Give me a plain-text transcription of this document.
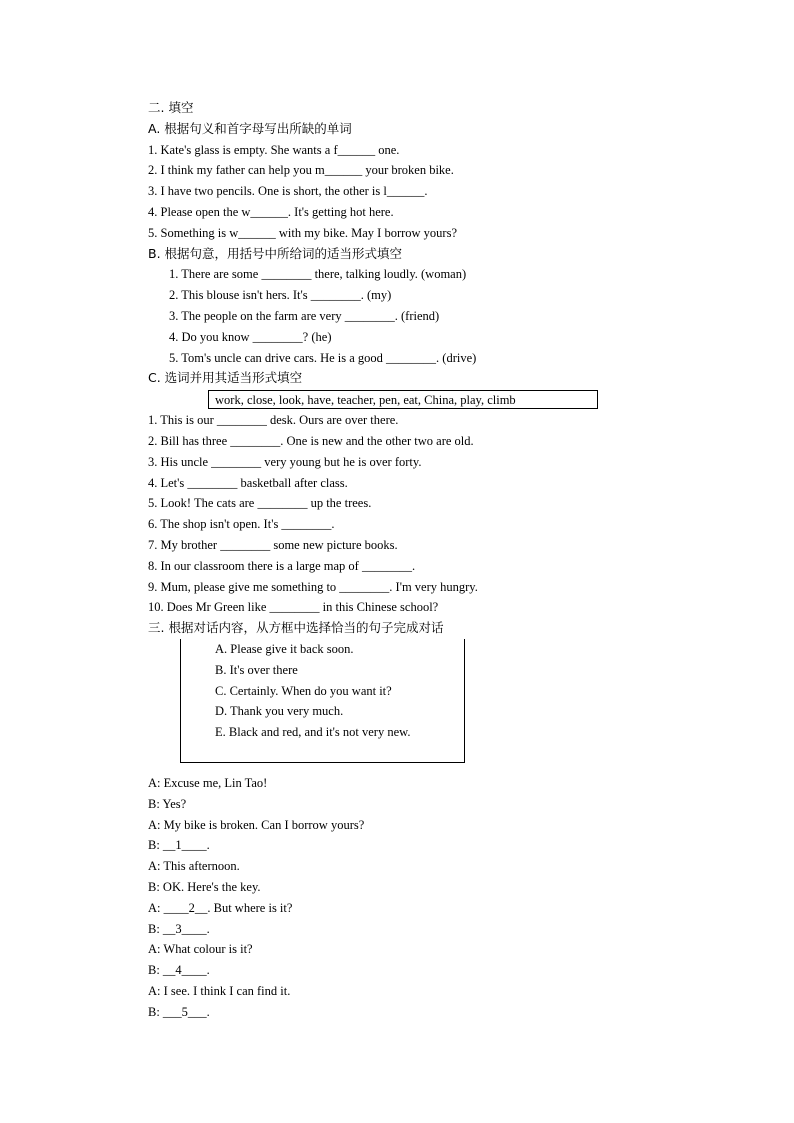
二. 填空
A. 根据句义和首字母写出所缺的单词
1. Kate's glass is empty. She wants a f______ one.
2. I think my father can help you m______ your broken bike.
3. I have two pencils. One is short, the other is l______.
4. Please open the w______. It's getting hot here.
5. Something is w______ with my bike. May I borrow yours?
B. 根据句意，用括号中所给词的适当形式填空
1. There are some ________ there, talking loudly. (woman)
2. This blouse isn't hers. It's ________. (my)
3. The people on the farm are very ________. (friend)
4. Do you know ________? (he)
5. Tom's uncle can drive cars. He is a good ________. (drive)
C. 选词并用其适当形式填空
work, close, look, have, teacher, pen, eat, China, play, climb
1. This is our ________ desk. Ours are over there.
2. Bill has three ________. One is new and the other two are old.
3. His uncle ________ very young but he is over forty.
4. Let's ________ basketball after class.
5. Look! The cats are ________ up the trees.
6. The shop isn't open. It's ________.
7. My brother ________ some new picture books.
8. In our classroom there is a large map of ________.
9. Mum, please give me something to ________. I'm very hungry.
10. Does Mr Green like ________ in this Chinese school?
三. 根据对话内容，从方框中选择恰当的句子完成对话
A. Please give it back soon.
B. It's over there
C. Certainly. When do you want it?
D. Thank you very much.
E. Black and red, and it's not very new.
A: Excuse me, Lin Tao!
B: Yes?
A: My bike is broken. Can I borrow yours?
B: __1____.
A: This afternoon.
B: OK. Here's the key.
A: ____2__. But where is it?
B: __3____.
A: What colour is it?
B: __4____.
A: I see. I think I can find it.
B: ___5___.
